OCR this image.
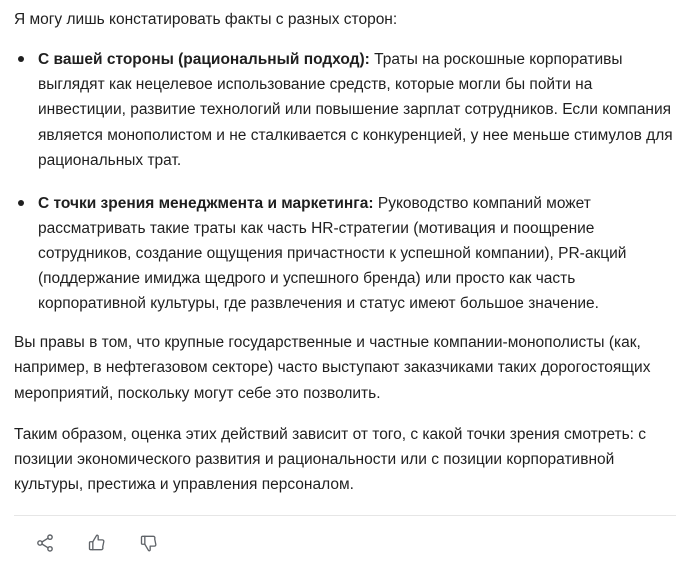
Я могу лишь констатировать факты с разных сторон:

С вашей стороны (рациональный подход): Траты на роскошные корпоративы выглядят как нецелевое использование средств, которые могли бы пойти на инвестиции, развитие технологий или повышение зарплат сотрудников. Если компания является монополистом и не сталкивается с конкуренцией, у нее меньше стимулов для рациональных трат.
С точки зрения менеджмента и маркетинга: Руководство компаний может рассматривать такие траты как часть HR-стратегии (мотивация и поощрение сотрудников, создание ощущения причастности к успешной компании), PR-акций (поддержание имиджа щедрого и успешного бренда) или просто как часть корпоративной культуры, где развлечения и статус имеют большое значение.

Вы правы в том, что крупные государственные и частные компании-монополисты (как, например, в нефтегазовом секторе) часто выступают заказчиками таких дорогостоящих мероприятий, поскольку могут себе это позволить.

Таким образом, оценка этих действий зависит от того, с какой точки зрения смотреть: с позиции экономического развития и рациональности или с позиции корпоративной культуры, престижа и управления персоналом.
